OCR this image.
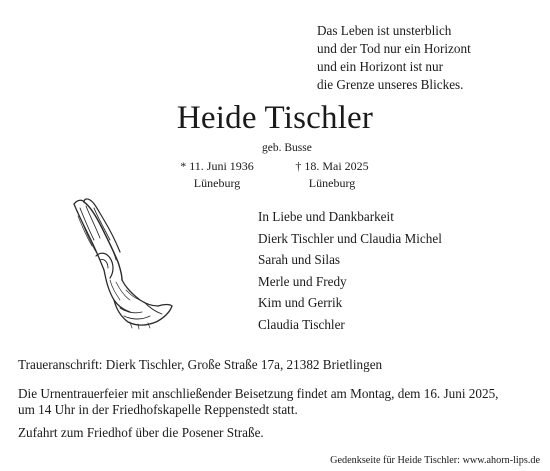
Das Leben ist unsterblich
und der Tod nur ein Horizont
und ein Horizont ist nur
die Grenze unseres Blickes.
Heide Tischler
geb. Busse
* 11. Juni 1936
Lüneburg
† 18. Mai 2025
Lüneburg
In Liebe und Dankbarkeit
Dierk Tischler und Claudia Michel
Sarah und Silas
Merle und Fredy
Kim und Gerrik
Claudia Tischler
Traueranschrift: Dierk Tischler, Große Straße 17a, 21382 Brietlingen
Die Urnentrauerfeier mit anschließender Beisetzung findet am Montag, dem 16. Juni 2025,
um 14 Uhr in der Friedhofskapelle Reppenstedt statt.
Zufahrt zum Friedhof über die Posener Straße.
Gedenkseite für Heide Tischler: www.ahorn-lips.de
